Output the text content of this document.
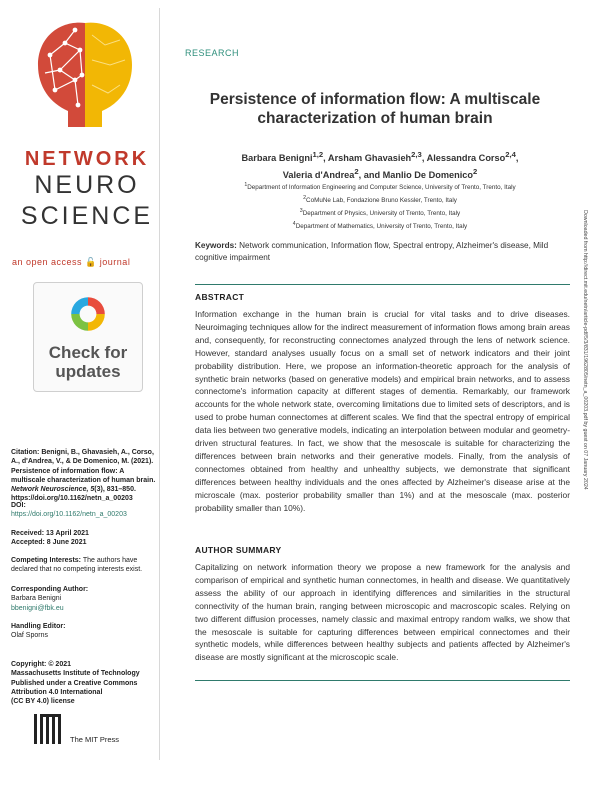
NETWORK
NEURO
SCIENCE
an open access 🔓 journal
Check for
updates
Citation: Benigni, B., Ghavasieh, A., Corso, A., d'Andrea, V., & De Domenico, M. (2021). Persistence of information flow: A multiscale characterization of human brain. Network Neuroscience, 5(3), 831–850. https://doi.org/10.1162/netn_a_00203
DOI:
https://doi.org/10.1162/netn_a_00203
Received: 13 April 2021
Accepted: 8 June 2021
Competing Interests: The authors have declared that no competing interests exist.
Corresponding Author:
Barbara Benigni
bbenigni@fbk.eu
Handling Editor:
Olaf Sporns
Copyright: © 2021
Massachusetts Institute of Technology
Published under a Creative Commons
Attribution 4.0 International
(CC BY 4.0) license
The MIT Press
RESEARCH
Persistence of information flow: A multiscale characterization of human brain
Barbara Benigni$^{1,2}$, Arsham Ghavasieh$^{2,3}$, Alessandra Corso$^{2,4}$,
Valeria d'Andrea$^2$, and Manlio De Domenico$^2$
$^1$Department of Information Engineering and Computer Science, University of Trento, Trento, Italy
$^2$CoMuNe Lab, Fondazione Bruno Kessler, Trento, Italy
$^3$Department of Physics, University of Trento, Trento, Italy
$^4$Department of Mathematics, University of Trento, Trento, Italy
Keywords: Network communication, Information flow, Spectral entropy, Alzheimer's disease, Mild cognitive impairment
ABSTRACT
Information exchange in the human brain is crucial for vital tasks and to drive diseases. Neuroimaging techniques allow for the indirect measurement of information flows among brain areas and, consequently, for reconstructing connectomes analyzed through the lens of network science. However, standard analyses usually focus on a small set of network indicators and their joint probability distribution. Here, we propose an information-theoretic approach for the analysis of synthetic brain networks (based on generative models) and empirical brain networks, and to assess connectome's information capacity at different stages of dementia. Remarkably, our framework accounts for the whole network state, overcoming limitations due to limited sets of descriptors, and is used to probe human connectomes at different scales. We find that the spectral entropy of empirical data lies between two generative models, indicating an interpolation between modular and geometry-driven structural features. In fact, we show that the mesoscale is suitable for characterizing the differences between brain networks and their generative models. Finally, from the analysis of connectomes obtained from healthy and unhealthy subjects, we demonstrate that significant differences between healthy individuals and the ones affected by Alzheimer's disease arise at the microscale (max. posterior probability smaller than 1%) and at the mesoscale (max. posterior probability smaller than 10%).
AUTHOR SUMMARY
Capitalizing on network information theory we propose a new framework for the analysis and comparison of empirical and synthetic human connectomes, in health and disease. We quantitatively assess the ability of our approach in identifying differences and similarities in the structural connectivity of the human brain, ranging between microscopic and macroscopic scales. Relying on two different diffusion processes, namely classic and maximal entropy random walks, we show that the mesoscale is suitable for capturing differences between empirical connectomes and their synthetic models, while differences between healthy subjects and patients affected by Alzheimer's disease are mostly significant at the microscopic scale.
Downloaded from http://direct.mit.edu/netn/article-pdf/5/3/831/1962805/netn_a_00203.pdf by guest on 07 January 2024
